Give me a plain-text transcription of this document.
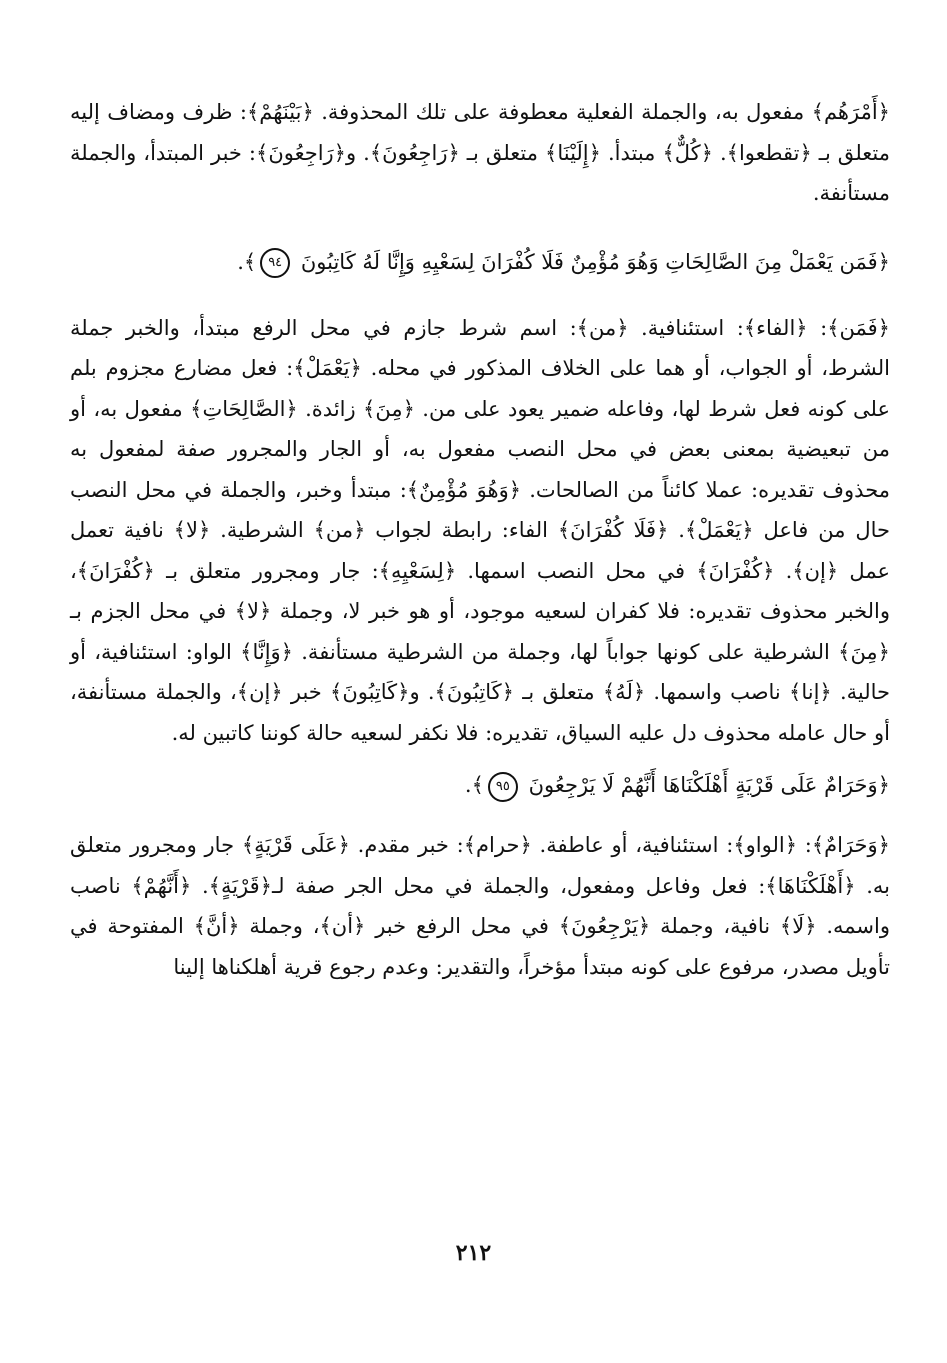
﴿أَمْرَهُم﴾ مفعول به، والجملة الفعلية معطوفة على تلك المحذوفة. ﴿بَيْنَهُمْ﴾: ظرف ومضاف إليه متعلق بـ ﴿تقطعوا﴾. ﴿كُلٌّ﴾ مبتدأ. ﴿إِلَيْنَا﴾ متعلق بـ ﴿رَاجِعُونَ﴾. و﴿رَاجِعُونَ﴾: خبر المبتدأ، والجملة مستأنفة.

﴿فَمَن يَعْمَلْ مِنَ الصَّالِحَاتِ وَهُوَ مُؤْمِنٌ فَلَا كُفْرَانَ لِسَعْيِهِ وَإِنَّا لَهُ كَاتِبُونَ ٩٤﴾.

﴿فَمَن﴾: ﴿الفاء﴾: استئنافية. ﴿من﴾: اسم شرط جازم في محل الرفع مبتدأ، والخبر جملة الشرط، أو الجواب، أو هما على الخلاف المذكور في محله. ﴿يَعْمَلْ﴾: فعل مضارع مجزوم بلم على كونه فعل شرط لها، وفاعله ضمير يعود على من. ﴿مِنَ﴾ زائدة. ﴿الصَّالِحَاتِ﴾ مفعول به، أو من تبعيضية بمعنى بعض في محل النصب مفعول به، أو الجار والمجرور صفة لمفعول به محذوف تقديره: عملا كائناً من الصالحات. ﴿وَهُوَ مُؤْمِنٌ﴾: مبتدأ وخبر، والجملة في محل النصب حال من فاعل ﴿يَعْمَلْ﴾. ﴿فَلَا كُفْرَانَ﴾ الفاء: رابطة لجواب ﴿من﴾ الشرطية. ﴿لا﴾ نافية تعمل عمل ﴿إن﴾. ﴿كُفْرَانَ﴾ في محل النصب اسمها. ﴿لِسَعْيِهِ﴾: جار ومجرور متعلق بـ ﴿كُفْرَانَ﴾، والخبر محذوف تقديره: فلا كفران لسعيه موجود، أو هو خبر لا، وجملة ﴿لا﴾ في محل الجزم بـ ﴿مِنَ﴾ الشرطية على كونها جواباً لها، وجملة من الشرطية مستأنفة. ﴿وَإِنَّا﴾ الواو: استئنافية، أو حالية. ﴿إنا﴾ ناصب واسمها. ﴿لَهُ﴾ متعلق بـ ﴿كَاتِبُونَ﴾. و﴿كَاتِبُونَ﴾ خبر ﴿إن﴾، والجملة مستأنفة، أو حال عامله محذوف دل عليه السياق، تقديره: فلا نكفر لسعيه حالة كوننا كاتبين له.

﴿وَحَرَامٌ عَلَى قَرْيَةٍ أَهْلَكْنَاهَا أَنَّهُمْ لَا يَرْجِعُونَ ٩٥﴾.

﴿وَحَرَامٌ﴾: ﴿الواو﴾: استئنافية، أو عاطفة. ﴿حرام﴾: خبر مقدم. ﴿عَلَى قَرْيَةٍ﴾ جار ومجرور متعلق به. ﴿أَهْلَكْنَاهَا﴾: فعل وفاعل ومفعول، والجملة في محل الجر صفة لـ﴿قَرْيَةٍ﴾. ﴿أَنَّهُمْ﴾ ناصب واسمه. ﴿لَا﴾ نافية، وجملة ﴿يَرْجِعُونَ﴾ في محل الرفع خبر ﴿أن﴾، وجملة ﴿أنَّ﴾ المفتوحة في تأويل مصدر، مرفوع على كونه مبتدأ مؤخراً، والتقدير: وعدم رجوع قرية أهلكناها إلينا

٢١٢
